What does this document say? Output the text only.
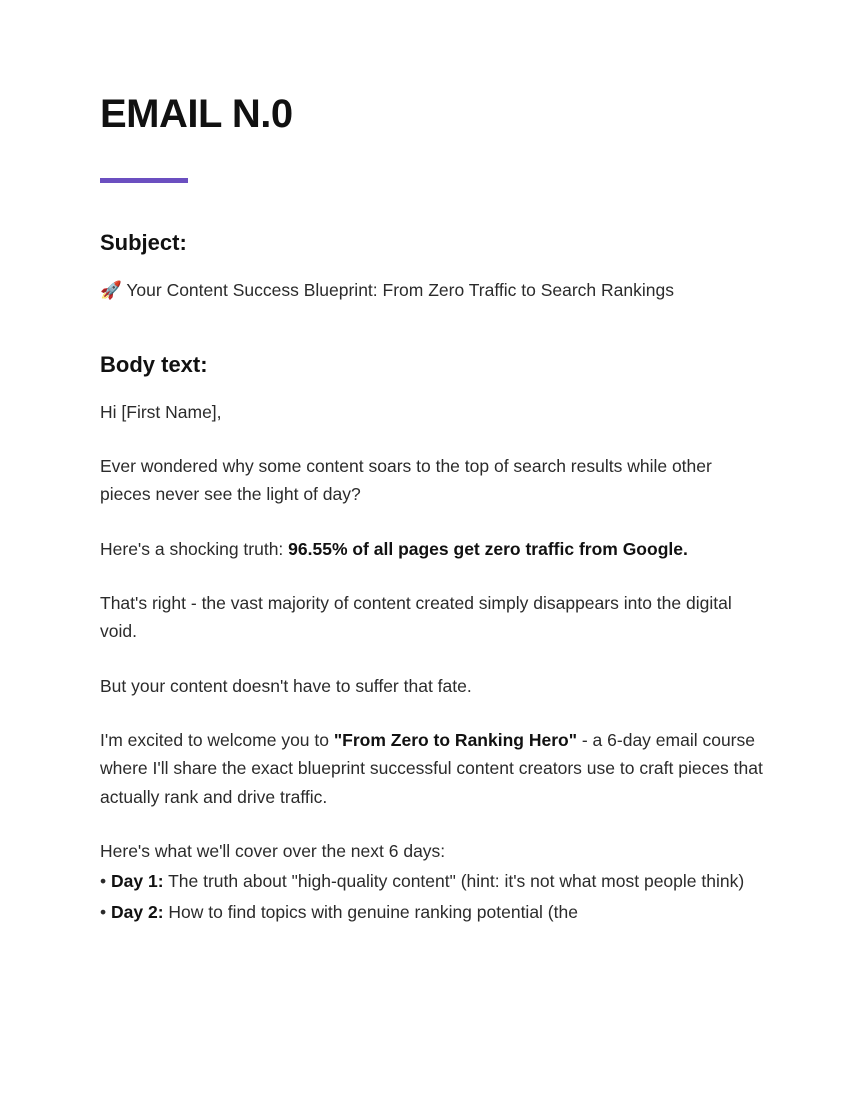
EMAIL N.0
Subject:

🚀 Your Content Success Blueprint: From Zero Traffic to Search Rankings

Body text:

Hi [First Name],

Ever wondered why some content soars to the top of search results while other pieces never see the light of day?

Here's a shocking truth: 96.55% of all pages get zero traffic from Google.

That's right - the vast majority of content created simply disappears into the digital void.

But your content doesn't have to suffer that fate.

I'm excited to welcome you to "From Zero to Ranking Hero" - a 6-day email course where I'll share the exact blueprint successful content creators use to craft pieces that actually rank and drive traffic.

Here's what we'll cover over the next 6 days:

• Day 1: The truth about "high-quality content" (hint: it's not what most people think)

• Day 2: How to find topics with genuine ranking potential (the
